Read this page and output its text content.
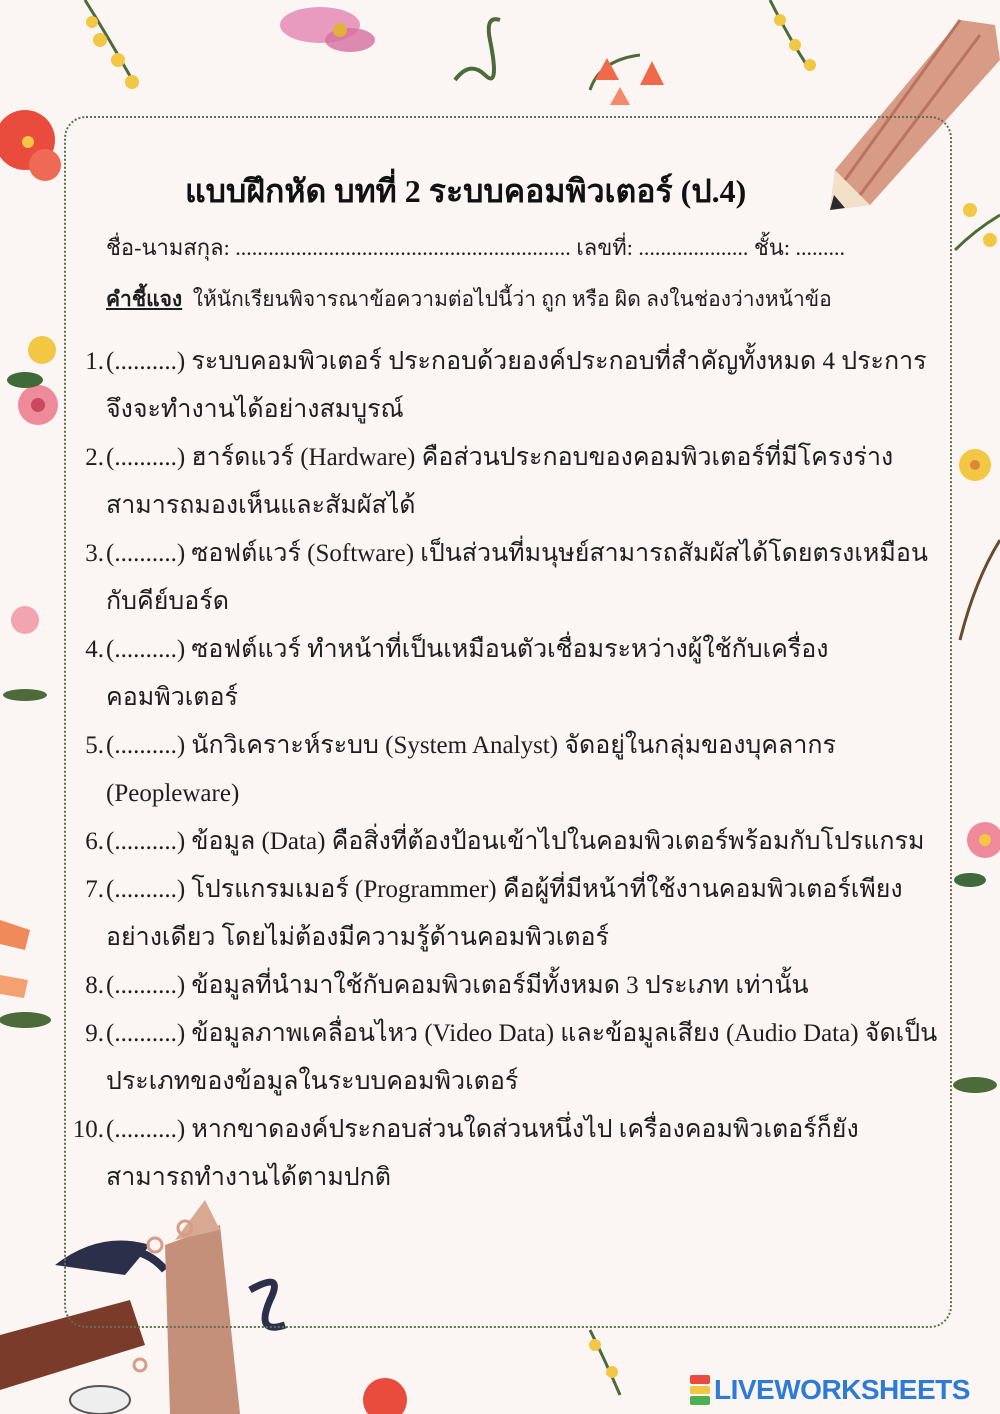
แบบฝึกหัด บทที่ 2 ระบบคอมพิวเตอร์ (ป.4)
ชื่อ-นามสกุล: ............................................................. เลขที่: .................... ชั้น: .........
คำชี้แจง ให้นักเรียนพิจารณาข้อความต่อไปนี้ว่า ถูก หรือ ผิด ลงในช่องว่างหน้าข้อ
1. (..........) ระบบคอมพิวเตอร์ ประกอบด้วยองค์ประกอบที่สำคัญทั้งหมด 4 ประการ จึงจะทำงานได้อย่างสมบูรณ์
2. (..........) ฮาร์ดแวร์ (Hardware) คือส่วนประกอบของคอมพิวเตอร์ที่มีโครงร่าง สามารถมองเห็นและสัมผัสได้
3. (..........) ซอฟต์แวร์ (Software) เป็นส่วนที่มนุษย์สามารถสัมผัสได้โดยตรงเหมือน กับคีย์บอร์ด
4. (..........) ซอฟต์แวร์ ทำหน้าที่เป็นเหมือนตัวเชื่อมระหว่างผู้ใช้กับเครื่อง คอมพิวเตอร์
5. (..........) นักวิเคราะห์ระบบ (System Analyst) จัดอยู่ในกลุ่มของบุคลากร (Peopleware)
6. (..........) ข้อมูล (Data) คือสิ่งที่ต้องป้อนเข้าไปในคอมพิวเตอร์พร้อมกับโปรแกรม
7. (..........) โปรแกรมเมอร์ (Programmer) คือผู้ที่มีหน้าที่ใช้งานคอมพิวเตอร์เพียง อย่างเดียว โดยไม่ต้องมีความรู้ด้านคอมพิวเตอร์
8. (..........) ข้อมูลที่นำมาใช้กับคอมพิวเตอร์มีทั้งหมด 3 ประเภท เท่านั้น
9. (..........) ข้อมูลภาพเคลื่อนไหว (Video Data) และข้อมูลเสียง (Audio Data) จัดเป็น ประเภทของข้อมูลในระบบคอมพิวเตอร์
10. (..........) หากขาดองค์ประกอบส่วนใดส่วนหนึ่งไป เครื่องคอมพิวเตอร์ก็ยัง สามารถทำงานได้ตามปกติ
LIVEWORKSHEETS
